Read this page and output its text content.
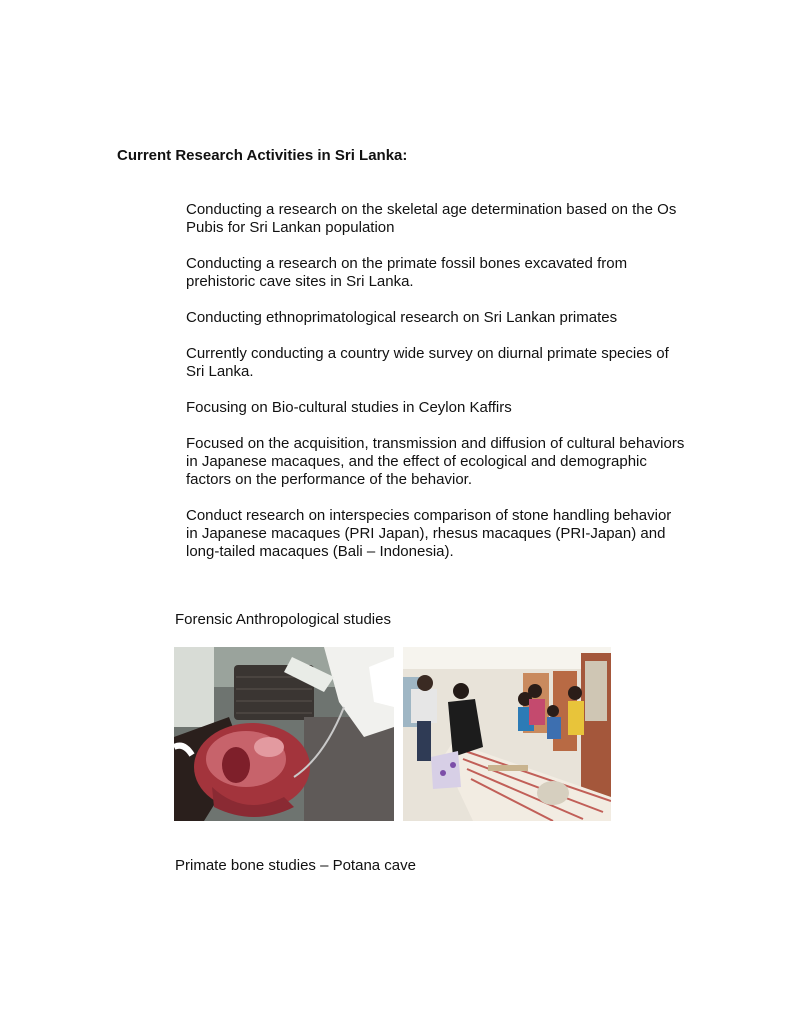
Current Research Activities in Sri Lanka:
Conducting a research on the skeletal age determination based on the Os Pubis for Sri Lankan population
Conducting a research on the primate fossil bones excavated from prehistoric cave sites in Sri Lanka.
Conducting ethnoprimatological research on Sri Lankan primates
Currently conducting a country wide survey on diurnal primate species of Sri Lanka.
Focusing on Bio-cultural studies in Ceylon Kaffirs
Focused on the acquisition, transmission and diffusion of cultural behaviors in Japanese macaques, and the effect of ecological and demographic factors on the performance of the behavior.
Conduct research on interspecies comparison of stone handling behavior in Japanese macaques (PRI Japan), rhesus macaques (PRI-Japan) and long-tailed macaques (Bali – Indonesia).
Forensic Anthropological studies
Primate bone studies – Potana cave
